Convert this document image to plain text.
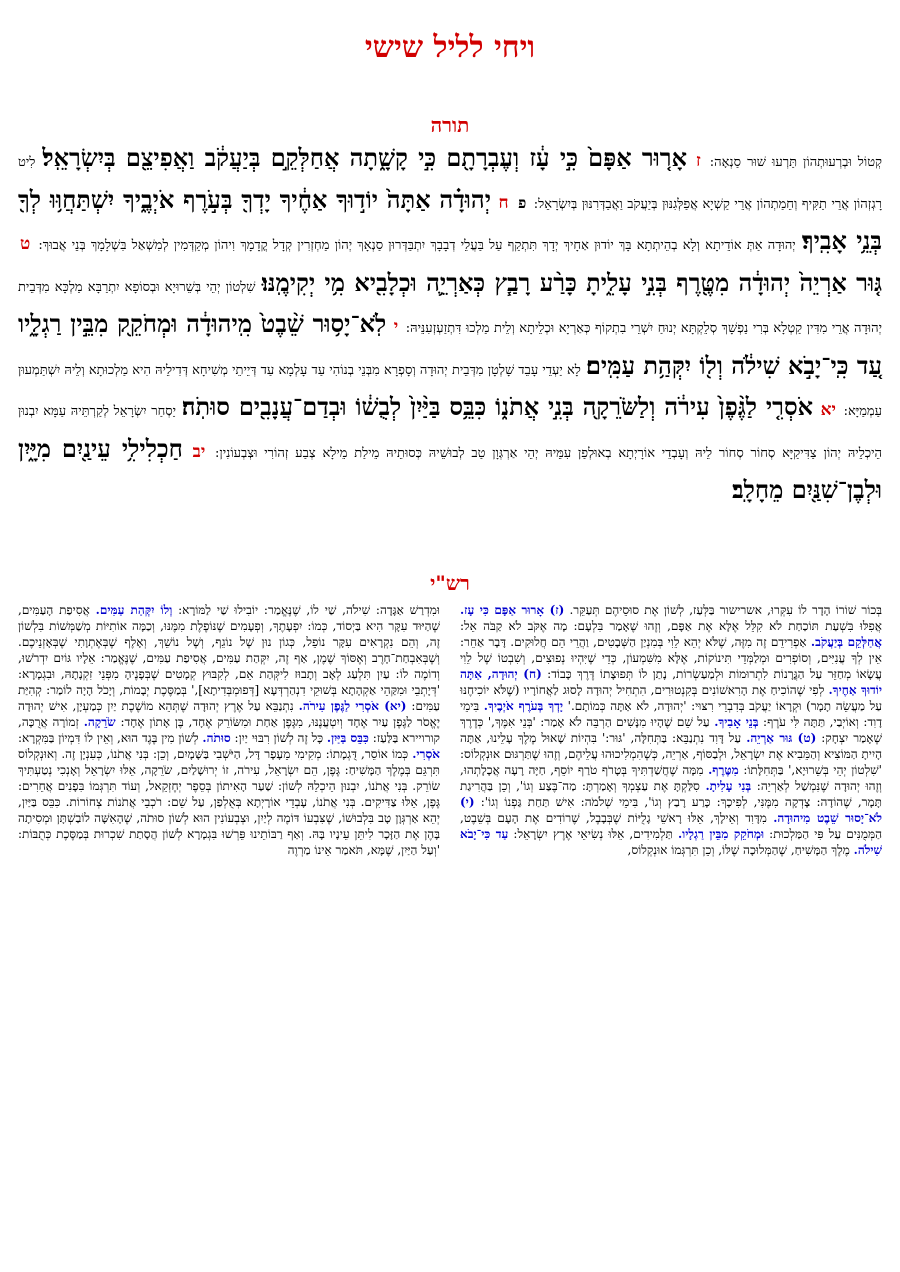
ויחי לליל שישי
תורה
קְטוֹל וּבְרְעוּתְהוֹן תַּרְעוּ שׁוּר סַנְאָה: ז אָר֤וּר אַפָּם֙ כִּ֣י עָ֔ז וְעֶבְרָתָ֖ם כִּ֣י קָשָׁ֑תָה אֲחַלְּקֵ֣ם בְּיַעֲקֹ֔ב וַאֲפִיצֵ֖ם בְּיִשְׂרָאֵֽל׃ לִיט רָגְזְהוֹן אֲרֵי תַקִּיף וְחֵמַתְהוֹן אֲרֵי קַשְׁיָא אֲפַלְּגִנּוּן בְּיַעֲקֹב וַאֲבַדְּרִנּוּן בְּיִשְׂרָאֵל: פ ח יְהוּדָ֗ה אַתָּה֙ יוֹד֣וּךָ אַחֶ֔יךָ יָדְךָ֖ בְּעֹ֣רֶף אֹיְבֶ֑יךָ יִשְׁתַּחֲוּ֥וּ לְךָ֖ בְּנֵ֥י אָבִֽיךָ׃ יְהוּדָה אַתְּ אוֹדֵיתָא וְלָא בְהֵיתְתָא בָּךְ יוֹדוּן אַחָיךְ יְדָךְ תִּתְקַף עַל בַּעֲלֵי דְבָבָךְ יִתְבַּדְּרוּן סַנְאָךְ יְהוֹן מַחְזְרִין קְדָל קֳדָמָךְ וִיהוֹן מְקַדְּמִין לְמִשְׁאַל בִּשְׁלָמָךְ בְּנֵי אֲבוּךְ: ט גּ֤וּר אַרְיֵה֙ יְהוּדָ֔ה מִטֶּ֖רֶף בְּנִ֣י עָלִ֑יתָ כָּרַ֨ע רָבַ֧ץ כְּאַרְיֵ֛ה וּכְלָבִ֖יא מִ֥י יְקִימֶֽנּוּ׃ שִׁלְטוֹן יְהֵי בְּשֵׁרוּיָא וּבְסוֹפָא יִתְרַבָּא מַלְכָּא מִדְּבֵית יְהוּדָה אֲרֵי מִדִּין קַטְלָא בְּרִי נַפְשָׁךְ סְלֵקְתָּא יְנוּחַ יִשְׁרֵי בִתְקוֹף כְּאַרְיָא וּכְלֵיתָא וְלֵית מַלְכוּ דִּתְזַעְזְעִנֵּיהּ: י לֹֽא־יָס֥וּר שֵׁ֨בֶט֙ מִֽיהוּדָ֔ה וּמְחֹקֵ֖ק מִבֵּ֣ין רַגְלָ֑יו עַ֚ד כִּֽי־יָבֹ֣א שִׁילֹ֔ה וְל֖וֹ יִקְּהַ֥ת עַמִּֽים׃ לָא יַעְדֵי עָבֵד שָׁלְטָן מִדְּבֵית יְהוּדָה וְסָפְרָא מִבְּנֵי בְנוֹהִי עַד עָלְמָא עַד דְּיֵיתֵי מְשִׁיחָא דְּדִילֵיהּ הִיא מַלְכוּתָא וְלֵיהּ יִשְׁתַּמְעוּן עַמְמַיָּא: יא אֹסְרִ֤י לַגֶּ֨פֶן֙ עִירֹ֔ה וְלַשֹּׂרֵקָ֖ה בְּנִ֣י אֲתֹנ֑וֹ כִּבֵּ֥ס בַּיַּ֨יִן֙ לְבֻשׁ֔וֹ וּבְדַם־עֲנָבִ֖ים סוּתֹֽה׃ יַסְחַר יִשְׂרָאֵל לְקַרְתֵּיהּ עַמָּא יִבְנוּן הֵיכְלֵיהּ יְהוֹן צַדִּיקַיָּא סְחוֹר סְחוֹר לֵיהּ וְעָבְדֵי אוֹרָיְתָא בְאוּלְפַן עִמֵּיהּ יְהֵי אַרְגְּוָן טַב לְבוּשֵׁיהּ כְּסוּתֵיהּ מֵילַת מֵילָא צְבַע זְהוֹרִי וּצְבְעוֹנִין: יב חַכְלִילִ֥י עֵינַ֖יִם מִיָּ֑יִן וּלְבֶן־שִׁנַּ֖יִם מֵחָלָֽב׃
רש"י
בְּכוֹר שׁוֹרוֹ הָדָר לוֹ עִקְּרוּ, אשרישור בַּלְּעַז, לְשׁוֹן אֶת סוּסֵיהֶם תְּעַקֵּר. (ז) אָרוּר אַפָּם כִּי עָז. אֲפִלּוּ בִּשְׁעַת תּוֹכַחַת לֹא קִלֵּל אֶלָּא אֶת אַפָּם, וְזֶהוּ שֶׁאָמַר בִּלְעָם: מָה אֶקֹּב לֹא קַבֹּה אֵל: אֲחַלְּקֵם בְּיַעֲקֹב. אַפְרִידֵם זֶה מִזֶּה, שֶׁלֹּא יְהֵא לֵוִי בְּמִנְיַן הַשְּׁבָטִים, וַהֲרֵי הֵם חֲלוּקִים. דָּבָר אַחֵר: אֵין לְךָ עֲנִיִּים, וְסוֹפְרִים וּמְלַמְּדֵי תִּינוֹקוֹת, אֶלָּא מִשִּׁמְעוֹן, כְּדֵי שֶׁיִּהְיוּ נְפוּצִים, וְשִׁבְטוֹ שֶׁל לֵוִי עֲשָׂאוֹ מְחַזֵּר עַל הַגֳּרָנוֹת לִתְרוּמוֹת וּלְמַעַשְׂרוֹת, נָתַן לוֹ תְּפוּצָתוֹ דֶּרֶךְ כָּבוֹד: (ח) יְהוּדָה, אַתָּה יוֹדוּךָ אַחֶיךָ. לְפִי שֶׁהוֹכִיחַ אֶת הָרִאשׁוֹנִים בְּקִנְטוּרִים, הִתְחִיל יְהוּדָה לָסוּג לַאֲחוֹרָיו (שֶׁלֹּא יוֹכִיחֶנּוּ עַל מַעֲשֵׂה תָמָר) וּקְרָאוֹ יַעֲקֹב בְּדִבְרֵי רִצּוּי: 'יְהוּדָה, לֹא אַתָּה כְּמוֹתָם.' יָדְךָ בְּעֹרֶף אֹיְבֶיךָ. בִּימֵי דָוִד: וְאוֹיְבַי, תַּתָּה לִּי עֹרֶף: בְּנֵי אָבִיךָ. עַל שֵׁם שֶׁהָיוּ מִנָּשִׁים הַרְבֵּה לֹא אָמַר: 'בְּנֵי אִמֶּךָ,' כְּדֶרֶךְ שֶׁאָמַר יִצְחָק: (ט) גּוּר אַרְיֵה. עַל דָּוִד נִתְנַבֵּא: בַּתְּחִלָּה, 'גּוּר:' בִּהְיוֹת שָׁאוּל מֶלֶךְ עָלֵינוּ, אַתָּה הָיִיתָ הַמּוֹצִיא וְהַמֵּבִיא אֶת יִשְׂרָאֵל, וּלְבַסּוֹף, אַרְיֵה, כְּשֶׁהִמְלִיכוּהוּ עֲלֵיהֶם, וְזֶהוּ שֶׁתַּרְגּוּם אוּנְקְלוֹס: 'שִׁלְטוֹן יְהֵי בְּשֵׁרוּיָא,' בַּתְּחִלָּתוֹ: מִטֶּרֶף. מִמָּה שֶׁחֲשַׁדְתִּיךָ בְּטָרֹף טֹרַף יוֹסֵף, חַיָּה רָעָה אֲכָלָתְהוּ, וְזֶהוּ יְהוּדָה שֶׁנִּמְשַׁל לְאַרְיֵה: בְּנִי עָלִיתָ. סִלַּקְתָּ אֶת עַצְמְךָ וְאָמַרְתָּ: מַה־בֶּצַע וְגוֹ', וְכֵן בַּהֲרִיגַת תָּמָר, שֶׁהוֹדָה: צָדְקָה מִמֶּנִּי, לְפִיכָךְ: כָּרַע רָבַץ וְגוֹ', בִּימֵי שְׁלֹמֹה: אִישׁ תַּחַת גַּפְנוֹ וְגוֹ': (י) לֹא־יָסוּר שֵׁבֶט מִיהוּדָה. מִדָּוִד וְאֵילָךְ, אֵלּוּ רָאשֵׁי גָלֻיּוֹת שֶׁבְּבָבֶל, שֶׁרוֹדִים אֶת הָעָם בְּשֵׁבֶט, הַמְּמֻנִּים עַל פִּי הַמַּלְכוּת: וּמְחֹקֵק מִבֵּין רַגְלָיו. תַּלְמִידִים, אֵלּוּ נְשִׂיאֵי אֶרֶץ יִשְׂרָאֵל: עַד כִּי־יָבֹא שִׁילֹה. מֶלֶךְ הַמָּשִׁיחַ, שֶׁהַמְּלוּכָה שֶׁלּוֹ, וְכֵן תִּרְגְּמוֹ אוּנְקְלוֹס,
וּמִדְרַשׁ אַגָּדָה: שִׁילֹה, שַׁי לוֹ, שֶׁנֶּאֱמַר: יוֹבִילוּ שַׁי לַמּוֹרָא: וְלוֹ יִקְּהַת עַמִּים. אֲסִיפַת הָעַמִּים, שֶׁהַיּוּד עִקָּר הִיא בַּיְסוֹד, כְּמוֹ: יִפְעָתֶךָ, וְפְעָמִים שֶׁנּוֹפֶלֶת מִמֶּנּוּ, וְכַמָּה אוֹתִיּוֹת מְשַׁמְּשׁוֹת בִּלְשׁוֹן זֶה, וְהֵם נִקְרָאִים עִקָּר נוֹפֵל, כְּגוֹן נוּן שֶׁל נוֹגֵף, וְשֶׁל נוֹשֵׁךְ, וְאָלֶף שֶׁבְּאֶתְוָתִי שֶׁבְּאָזְנֵיכֶם. וְשֶׁבְּאִבְחַת־חָרֶב וְאֶסּוֹךְ שֶׁמֶן, אַף זֶה, יִקְּהַת עַמִּים, אֲסִיפַת עַמִּים, שֶׁנֶּאֱמַר: אֵלָיו גּוֹיִם יִדְרֹשׁוּ, וְדוֹמֶה לוֹ: עַיִן תִּלְעַג לְאָב וְתָבוּז לִיקְּהַת אֵם, לְקִבּוּץ קְמָטִים שֶׁבְּפָנֶיהָ מִפְּנֵי זִקְנָתָהּ, וּבִגְמָרָא: 'דְּיָתְבֵי וּמִקַּהֵי אַקְהָתָא בְּשׁוּקֵי דִנְהַרְדְּעָא [דְּפוּמְבְּדִיתָא],' בְּמַסֶּכֶת יְבָמוֹת, וְיָכֹל הָיָה לוֹמַר: קְהִיַּת עַמִּים: (יא) אֹסְרִי לַגֶּפֶן עִירֹה. נִתְנַבֵּא עַל אֶרֶץ יְהוּדָה שֶׁתְּהֵא מוֹשֶׁכֶת יַיִן כְּמַעְיָן, אִישׁ יְהוּדָה יֶאֱסֹר לַגֶּפֶן עַיִר אֶחָד וְיִטְעֲנֶנּוּ, מִגֶּפֶן אַחַת וּמִשּׂוֹרֵק אֶחָד, בֶּן אָתוֹן אֶחָד: שֹׂרֵקָה. זְמוֹרָה אֲרֻכָּה, קורויירא בַּלַּעַז: כִּבֵּס בַּיַּיִן. כָּל זֶה לְשׁוֹן רִבּוּי יַיִן: סוּתֹה. לְשׁוֹן מִין בֶּגֶד הוּא, וְאֵין לוֹ דִּמְיוֹן בַּמִּקְרָא: אֹסְרִי. כְּמוֹ אוֹסֵר, דֻּגְמָתוֹ: מְקִימִי מֵעָפָר דָּל, הַיֹּשְׁבִי בַּשָּׁמָיִם, וְכֵן: בְּנִי אֲתֹנוֹ, כְּעִנְיָן זֶה. וְאוּנְקְלוֹס תִּרְגֵּם בְּמֶלֶךְ הַמָּשִׁיחַ: גֶּפֶן, הֵם יִשְׂרָאֵל, עִירֹה, זוֹ יְרוּשָׁלַיִם, שֹׂרֵקָה, אֵלּוּ יִשְׂרָאֵל וְאָנְכִי נְטַעְתִּיךְ שׂוֹרֵק. בְּנִי אֲתֹנוֹ, יִבְנוּן הֵיכְלֵהּ לְשׁוֹן: שַׁעַר הָאִיתוֹן בְּסֵפֶר יְחֶזְקֵאל, וְעוֹד תִּרְגְּמוֹ בִּפָנִים אֲחֵרִים: גֶּפֶן, אֵלּוּ צַדִּיקִים. בְּנִי אֲתֹנוֹ, עָבְדֵי אוֹרָיְתָא בְּאֻלְפַן, עַל שֵׁם: רֹכְבֵי אֲתֹנוֹת צְחוֹרוֹת. כִּבֵּס בַּיַּיִן, יְהֵא אַרְגְּוָן טָב בִּלְבוּשׁוֹ, שֶׁצִּבְעוֹ דּוֹמֶה לְיַיִן, וּצְבְעוֹנִין הוּא לְשׁוֹן סוּתֹה, שֶׁהָאִשָּׁה לוֹבַשְׁתָּן וּמְסִיתָה בָּהֶן אֶת הַזָּכָר לִיתֵּן עֵינָיו בָּהּ. וְאַף רַבּוֹתֵינוּ פֵּרְשׁוּ בִּגְמָרָא לְשׁוֹן הֲסָתַת שִׁכְרוּת בְּמַסֶּכֶת כְּתֻבּוֹת: 'וְעַל הַיַּיִן, שֶׁמָּא, תֹּאמַר אֵינוֹ מַרְוֶה
